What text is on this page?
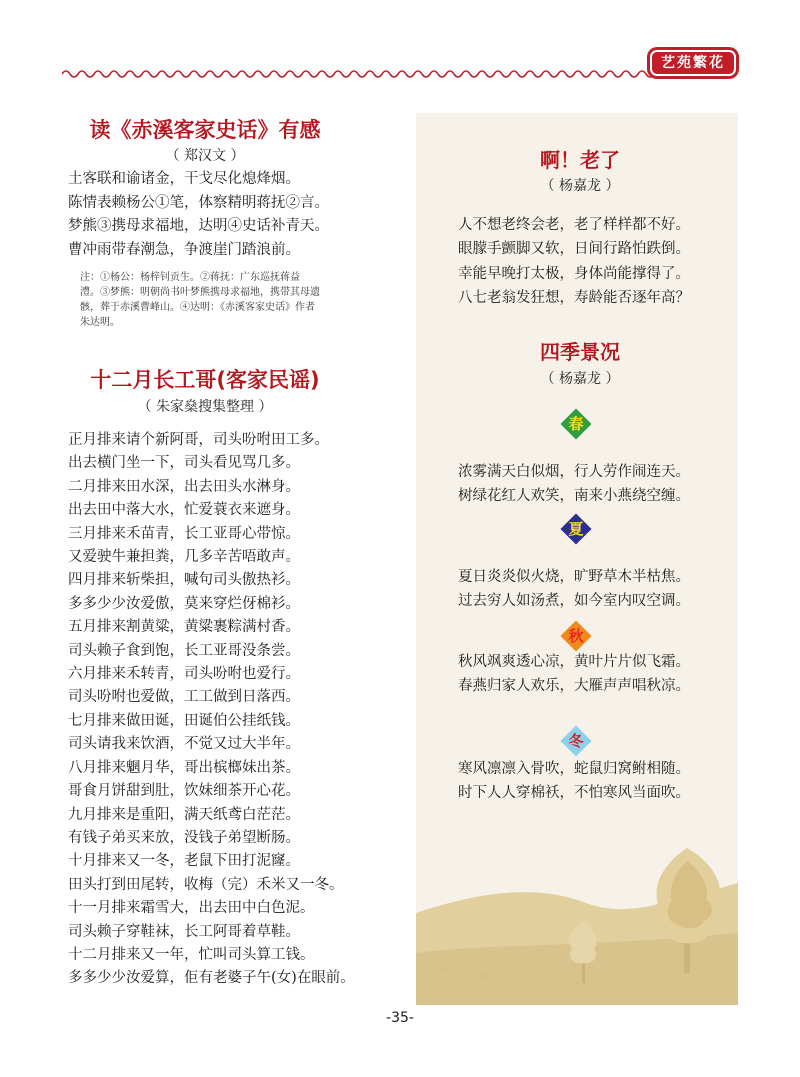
艺苑繁花
读《赤溪客家史话》有感
（ 郑汉文 ）
土客联和谕诸金，干戈尽化熄烽烟。
陈情表赖杨公①笔，体察精明蒋抚②言。
梦熊③携母求福地，达明④史话补青天。
曹冲雨带春潮急，争渡崖门踏浪前。
注：①杨公：杨梓钊贡生。②蒋抚：广东巡抚蒋益
澧。③梦熊：明朝尚书叶梦熊携母求福地，携带其母遗
骸，葬于赤溪曹峰山。④达明：《赤溪客家史话》作者
朱达明。
十二月长工哥(客家民谣)
（ 朱家燊搜集整理 ）
正月排来请个新阿哥，司头吩咐田工多。
出去横门坐一下，司头看见骂几多。
二月排来田水深，出去田头水淋身。
出去田中落大水，忙爱蓑衣来遮身。
三月排来禾苗青，长工亚哥心带惊。
又爱驶牛兼担粪，几多辛苦唔敢声。
四月排来斩柴担，喊句司头傲热衫。
多多少少汝爱傲，莫来穿烂伢棉衫。
五月排来割黄粱，黄粱裹粽满村香。
司头赖子食到饱，长工亚哥没条尝。
六月排来禾转青，司头吩咐也爱行。
司头吩咐也爱做，工工做到日落西。
七月排来做田诞，田诞伯公挂纸钱。
司头请我来饮酒，不觉又过大半年。
八月排来魍月华，哥出槟榔妹出茶。
哥食月饼甜到肚，饮妹细茶开心花。
九月排来是重阳，满天纸鸢白茫茫。
有钱子弟买来放，没钱子弟望断肠。
十月排来又一冬，老鼠下田打泥窿。
田头打到田尾转，收梅（完）禾米又一冬。
十一月排来霜雪大，出去田中白色泥。
司头赖子穿鞋袜，长工阿哥着草鞋。
十二月排来又一年，忙叫司头算工钱。
多多少少汝爱算，佢有老婆子午(女)在眼前。
啊！老了
（ 杨嘉龙 ）
人不想老终会老，老了样样都不好。
眼朦手颤脚又软，日间行路怕跌倒。
幸能早晚打太极，身体尚能撑得了。
八七老翁发狂想，寿龄能否逐年高？
四季景况
（ 杨嘉龙 ）
春
浓雾满天白似烟，行人劳作闹连天。
树绿花红人欢笑，南来小燕绕空缠。
夏
夏日炎炎似火烧，旷野草木半枯焦。
过去穷人如汤煮，如今室内叹空调。
秋
秋风飒爽透心凉，黄叶片片似飞霜。
春燕归家人欢乐，大雁声声唱秋凉。
冬
寒风凛凛入骨吹，蛇鼠归窝鲋相随。
时下人人穿棉袄，不怕寒风当面吹。
-35-
